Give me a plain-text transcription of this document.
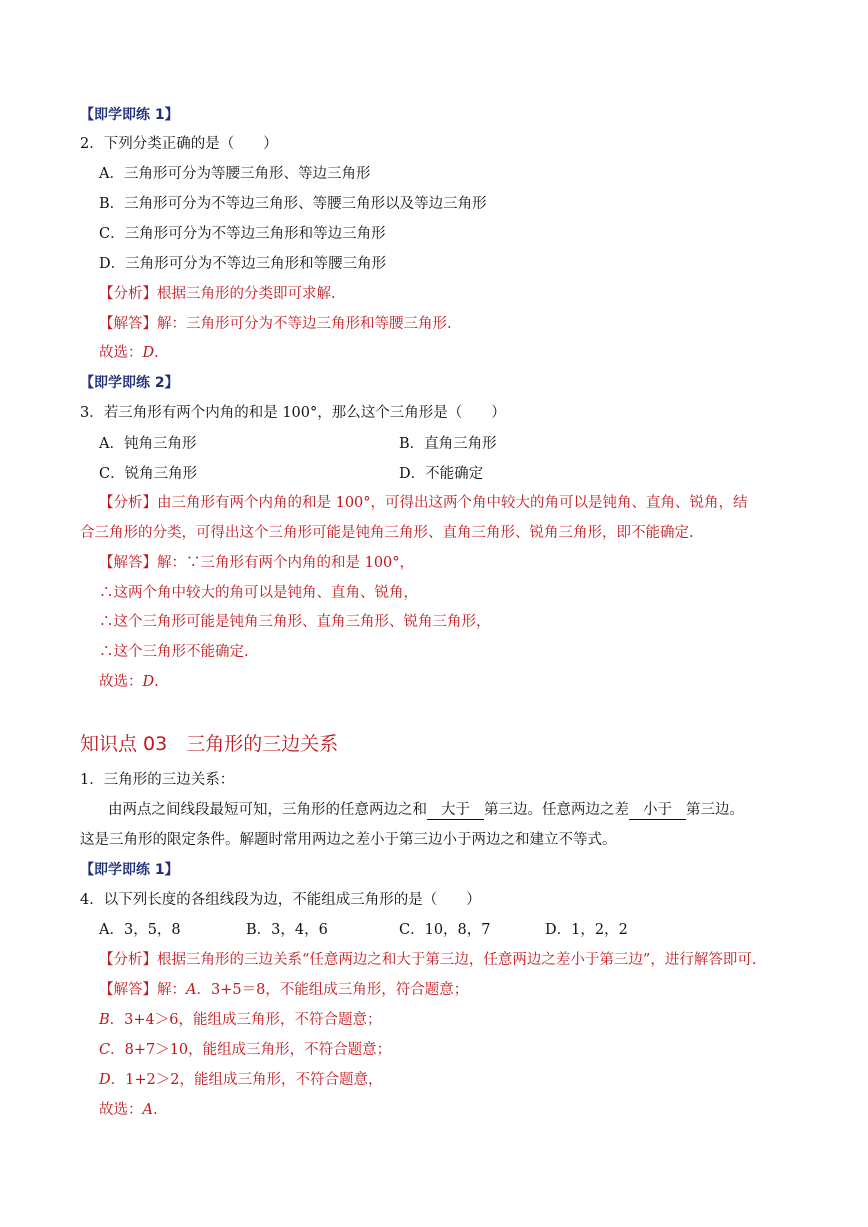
【即学即练 1】
2．下列分类正确的是（　　）
A．三角形可分为等腰三角形、等边三角形
B．三角形可分为不等边三角形、等腰三角形以及等边三角形
C．三角形可分为不等边三角形和等边三角形
D．三角形可分为不等边三角形和等腰三角形
【分析】根据三角形的分类即可求解.
【解答】解：三角形可分为不等边三角形和等腰三角形.
故选：D.
【即学即练 2】
3．若三角形有两个内角的和是 100°，那么这个三角形是（　　）
A．钝角三角形	B．直角三角形
C．锐角三角形	D．不能确定
【分析】由三角形有两个内角的和是 100°，可得出这两个角中较大的角可以是钝角、直角、锐角，结
合三角形的分类，可得出这个三角形可能是钝角三角形、直角三角形、锐角三角形，即不能确定.
【解答】解：∵三角形有两个内角的和是 100°，
∴这两个角中较大的角可以是钝角、直角、锐角，
∴这个三角形可能是钝角三角形、直角三角形、锐角三角形，
∴这个三角形不能确定.
故选：D.
知识点 03　三角形的三边关系
1．三角形的三边关系：
由两点之间线段最短可知，三角形的任意两边之和 大于 第三边。任意两边之差 小于 第三边。
这是三角形的限定条件。解题时常用两边之差小于第三边小于两边之和建立不等式。
【即学即练 1】
4．以下列长度的各组线段为边，不能组成三角形的是（　　）
A．3，5，8	B．3，4，6	C．10，8，7	D．1，2，2
【分析】根据三角形的三边关系“任意两边之和大于第三边，任意两边之差小于第三边”，进行解答即可.
【解答】解：A．3+5＝8，不能组成三角形，符合题意；
B．3+4＞6，能组成三角形，不符合题意；
C．8+7＞10，能组成三角形，不符合题意；
D．1+2＞2，能组成三角形，不符合题意，
故选：A.
